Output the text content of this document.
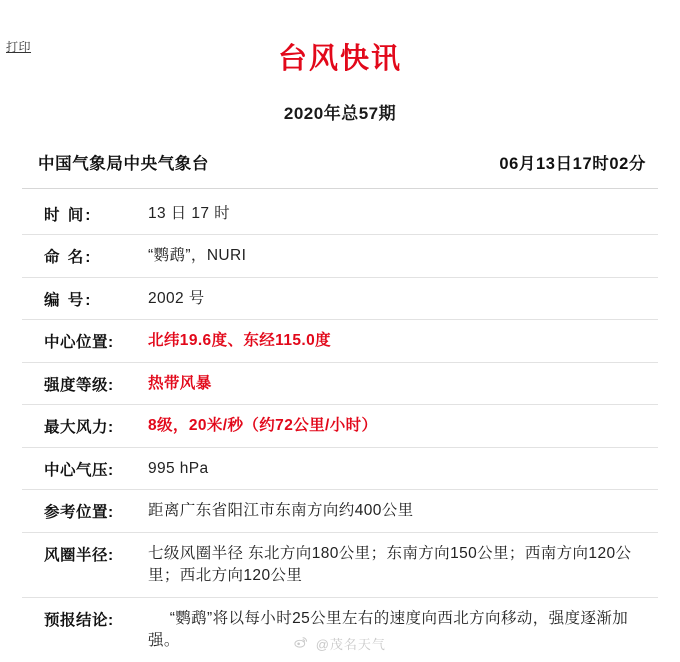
打印	台风快讯
2020年总57期
中国气象局中央气象台	06月13日17时02分
时 间:	13 日 17 时
命 名:	“鹦鹉”，NURI
编 号:	2002 号
中心位置:	北纬19.6度、东经115.0度
强度等级:	热带风暴
最大风力:	8级，20米/秒（约72公里/小时）
中心气压:	995 hPa
参考位置:	距离广东省阳江市东南方向约400公里
风圈半径:	七级风圈半径 东北方向180公里；东南方向150公里；西南方向120公里；西北方向120公里
预报结论:	“鹦鹉”将以每小时25公里左右的速度向西北方向移动，强度逐渐加强。	@茂名天气
